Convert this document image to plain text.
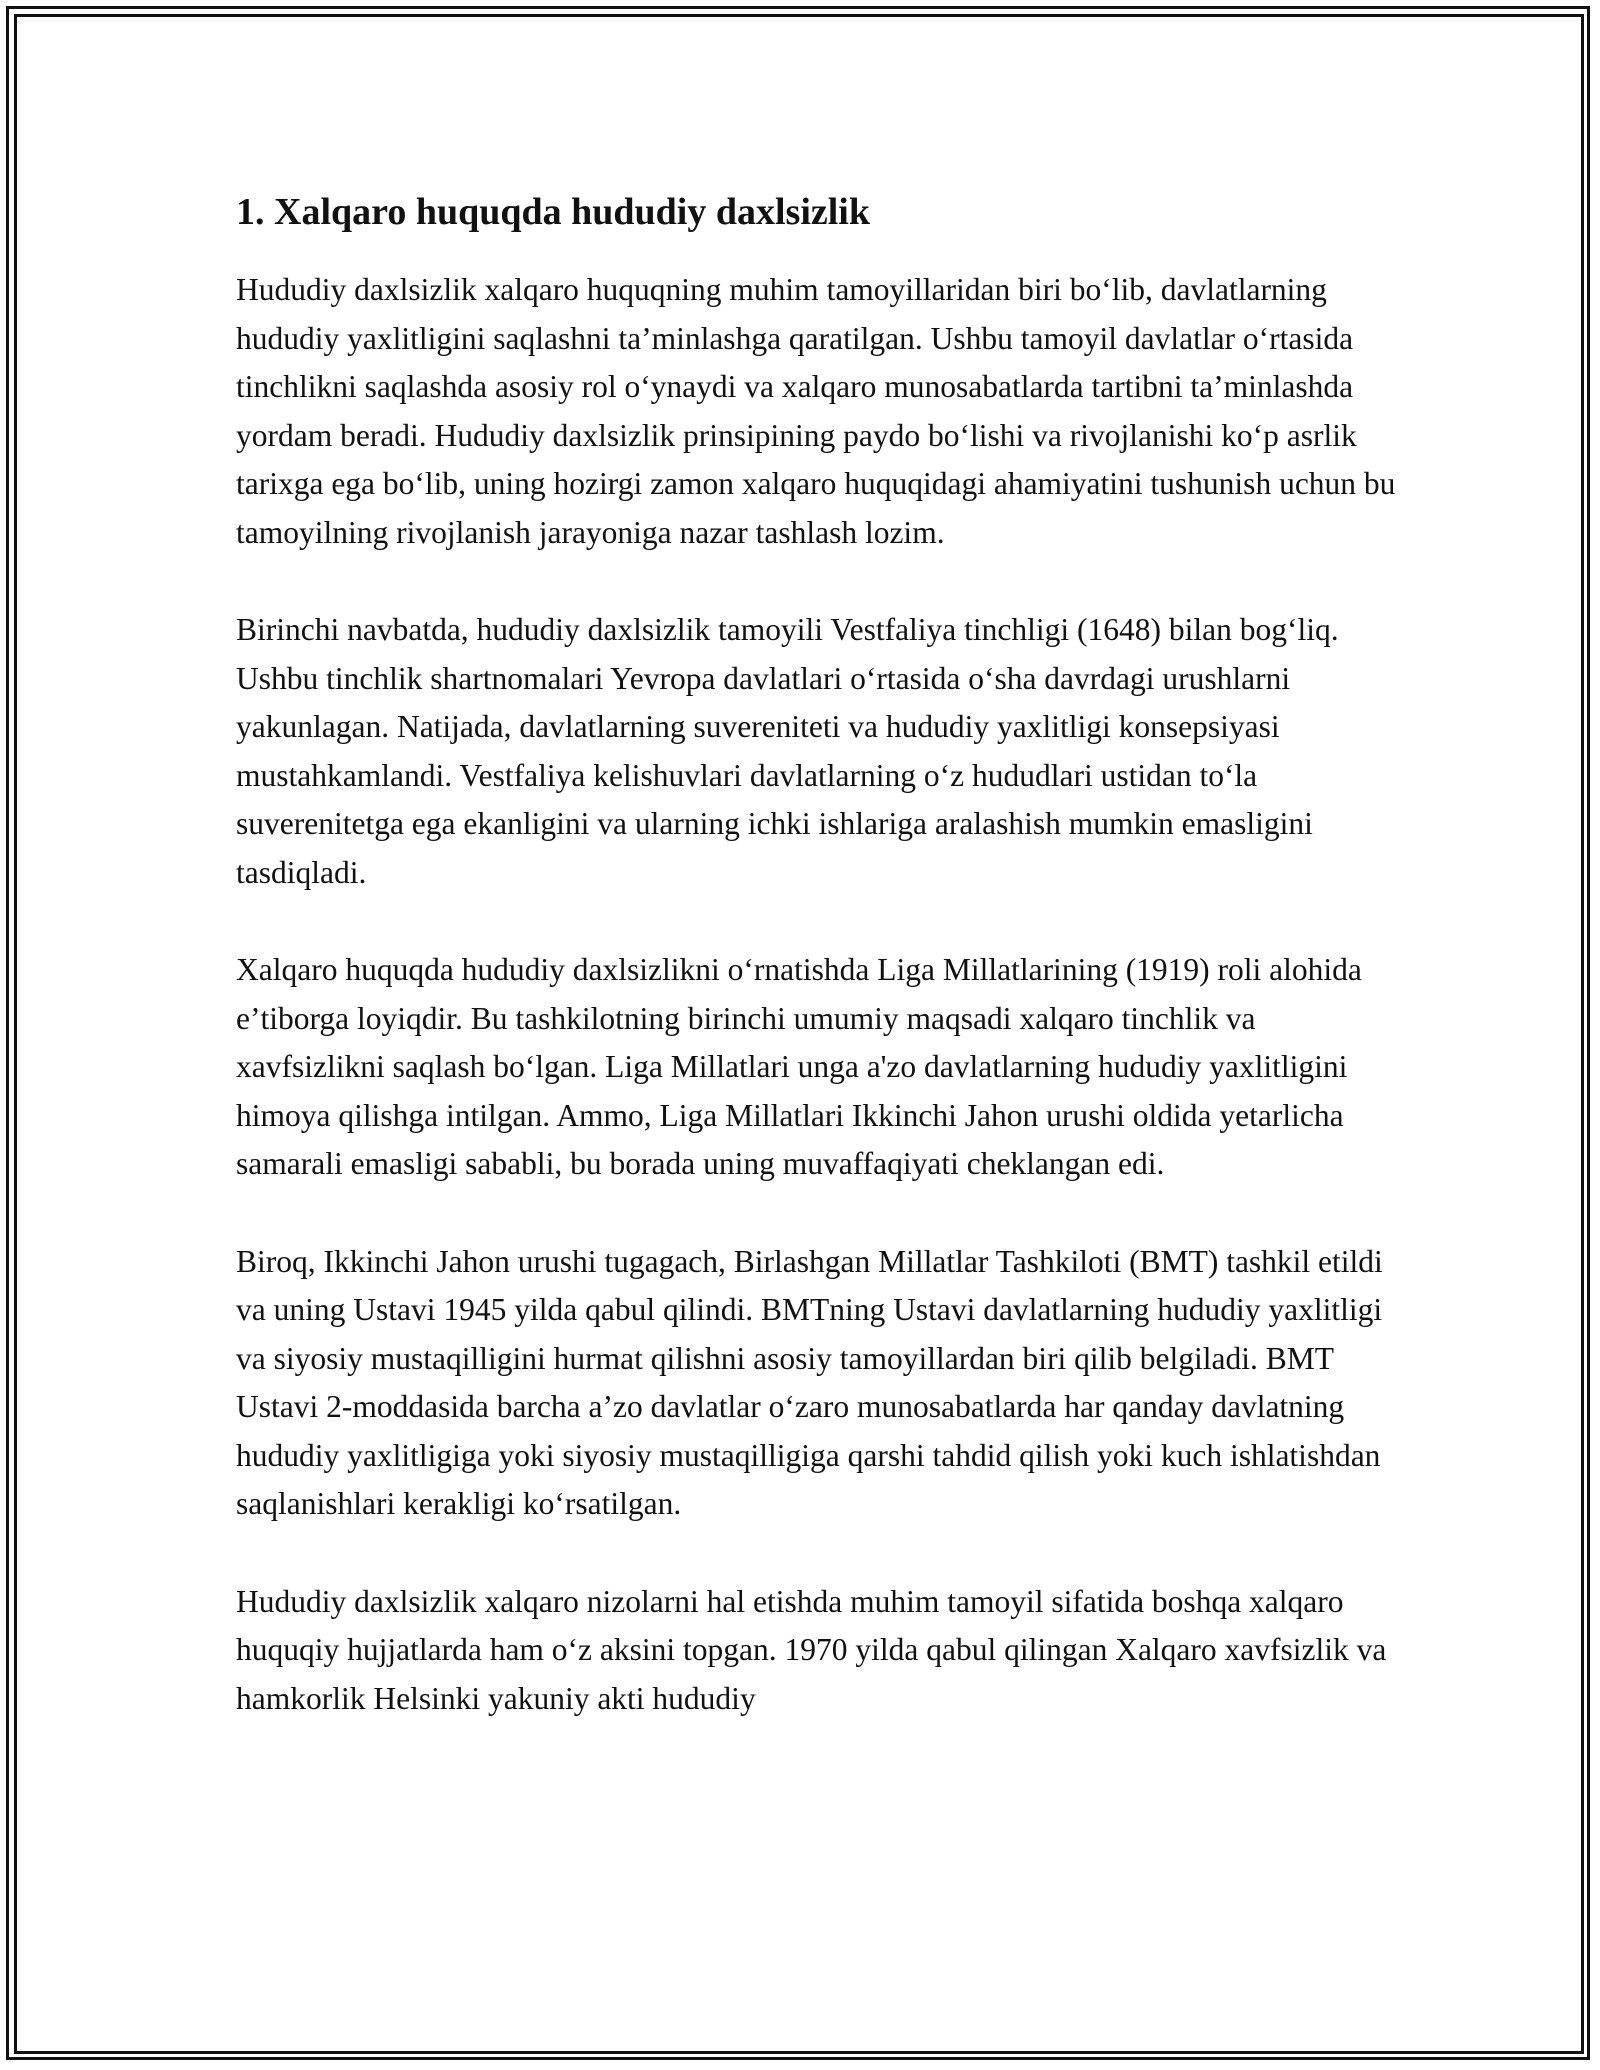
1. Xalqaro huquqda hududiy daxlsizlik

Hududiy daxlsizlik xalqaro huquqning muhim tamoyillaridan biri boʻlib, davlatlarning hududiy yaxlitligini saqlashni taʼminlashga qaratilgan. Ushbu tamoyil davlatlar oʻrtasida tinchlikni saqlashda asosiy rol oʻynaydi va xalqaro munosabatlarda tartibni taʼminlashda yordam beradi. Hududiy daxlsizlik prinsipining paydo boʻlishi va rivojlanishi koʻp asrlik tarixga ega boʻlib, uning hozirgi zamon xalqaro huquqidagi ahamiyatini tushunish uchun bu tamoyilning rivojlanish jarayoniga nazar tashlash lozim.

Birinchi navbatda, hududiy daxlsizlik tamoyili Vestfaliya tinchligi (1648) bilan bogʻliq. Ushbu tinchlik shartnomalari Yevropa davlatlari oʻrtasida oʻsha davrdagi urushlarni yakunlagan. Natijada, davlatlarning suvereniteti va hududiy yaxlitligi konsepsiyasi mustahkamlandi. Vestfaliya kelishuvlari davlatlarning oʻz hududlari ustidan toʻla suverenitetga ega ekanligini va ularning ichki ishlariga aralashish mumkin emasligini tasdiqladi.

Xalqaro huquqda hududiy daxlsizlikni oʻrnatishda Liga Millatlarining (1919) roli alohida eʼtiborga loyiqdir. Bu tashkilotning birinchi umumiy maqsadi xalqaro tinchlik va xavfsizlikni saqlash boʻlgan. Liga Millatlari unga a'zo davlatlarning hududiy yaxlitligini himoya qilishga intilgan. Ammo, Liga Millatlari Ikkinchi Jahon urushi oldida yetarlicha samarali emasligi sababli, bu borada uning muvaffaqiyati cheklangan edi.

Biroq, Ikkinchi Jahon urushi tugagach, Birlashgan Millatlar Tashkiloti (BMT) tashkil etildi va uning Ustavi 1945 yilda qabul qilindi. BMTning Ustavi davlatlarning hududiy yaxlitligi va siyosiy mustaqilligini hurmat qilishni asosiy tamoyillardan biri qilib belgiladi. BMT Ustavi 2-moddasida barcha aʼzo davlatlar oʻzaro munosabatlarda har qanday davlatning hududiy yaxlitligiga yoki siyosiy mustaqilligiga qarshi tahdid qilish yoki kuch ishlatishdan saqlanishlari kerakligi koʻrsatilgan.

Hududiy daxlsizlik xalqaro nizolarni hal etishda muhim tamoyil sifatida boshqa xalqaro huquqiy hujjatlarda ham oʻz aksini topgan. 1970 yilda qabul qilingan Xalqaro xavfsizlik va hamkorlik Helsinki yakuniy akti hududiy
